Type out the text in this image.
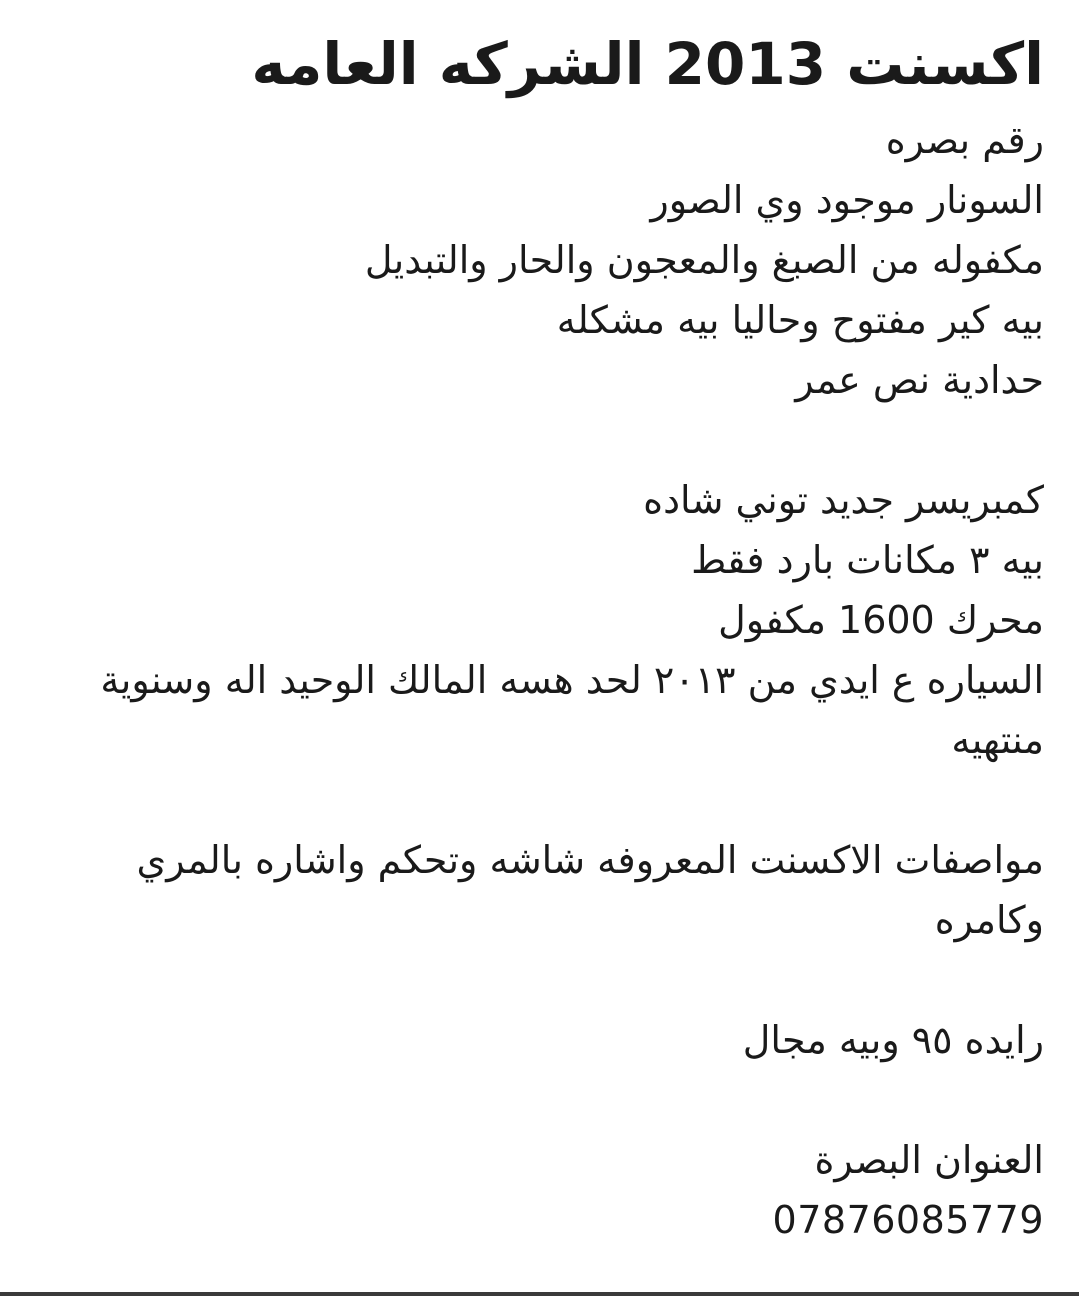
اكسنت 2013 الشركه العامه
رقم بصره
السونار موجود وي الصور
مكفوله من الصبغ والمعجون والحار والتبديل
بيه كير مفتوح وحاليا بيه مشكله
حدادية نص عمر
كمبريسر جديد توني شاده
بيه ٣ مكانات بارد فقط
محرك 1600 مكفول
السياره ع ايدي من ٢٠١٣ لحد هسه المالك الوحيد اله وسنوية منتهيه
مواصفات الاكسنت المعروفه شاشه وتحكم واشاره بالمري وكامره
رايده ٩٥ وبيه مجال
العنوان البصرة
07876085779
